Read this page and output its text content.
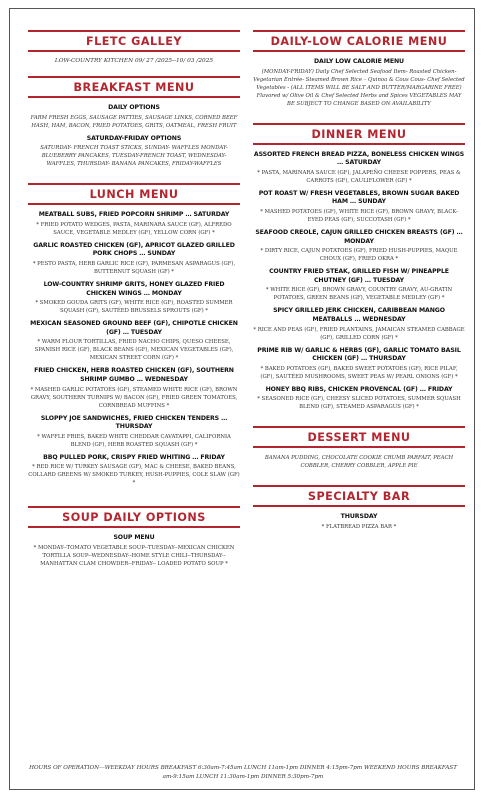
FLETC GALLEY

LOW-COUNTRY KITCHEN 09/ 27 /2025--10/ 03 /2025

BREAKFAST MENU
DAILY OPTIONS
FARM FRESH EGGS, SAUSAGE PATTIES, SAUSAGE LINKS, CORNED BEEF HASH, HAM, BACON, FRIED POTATOES, GRITS, OATMEAL, FRESH FRUIT
SATURDAY-FRIDAY OPTIONS
SATURDAY- FRENCH TOAST STICKS, SUNDAY- WAFFLES MONDAY- BLUEBERRY PANCAKES, TUESDAY-FRENCH TOAST, WEDNESDAY- WAFFLES, THURSDAY- BANANA PANCAKES, FRIDAY-WAFFLES
LUNCH MENU
MEATBALL SUBS, FRIED POPCORN SHRIMP … SATURDAY
* FRIED POTATO WEDGES, PASTA, MARINARA SAUCE (GF), ALFREDO SAUCE, VEGETABLE MEDLEY (GF), YELLOW CORN (GF) *
GARLIC ROASTED CHICKEN (GF), APRICOT GLAZED GRILLED PORK CHOPS … SUNDAY
* PESTO PASTA, HERB GARLIC RICE (GF), PARMESAN ASPARAGUS (GF), BUTTERNUT SQUASH (GF) *
LOW-COUNTRY SHRIMP GRITS, HONEY GLAZED FRIED CHICKEN WINGS … MONDAY
* SMOKED GOUDA GRITS (GF), WHITE RICE (GF), ROASTED SUMMER SQUASH (GF), SAUTÉED BRUSSELS SPROUTS (GF) *
MEXICAN SEASONED GROUND BEEF (GF), CHIPOTLE CHICKEN (GF) … TUESDAY
* WARM FLOUR TORTILLAS, FRIED NACHO CHIPS, QUESO CHEESE, SPANISH RICE (GF), BLACK BEANS (GF), MEXICAN VEGETABLES (GF), MEXICAN STREET CORN (GF) *
FRIED CHICKEN, HERB ROASTED CHICKEN (GF), SOUTHERN SHRIMP GUMBO … WEDNESDAY
* MASHED GARLIC POTATOES (GF), STEAMED WHITE RICE (GF), BROWN GRAVY, SOUTHERN TURNIPS W/ BACON (GF), FRIED GREEN TOMATOES, CORNBREAD MUFFINS *
SLOPPY JOE SANDWICHES, FRIED CHICKEN TENDERS … THURSDAY
* WAFFLE FRIES, BAKED WHITE CHEDDAR CAVATAPPI, CALIFORNIA BLEND (GF), HERB ROASTED SQUASH (GF) *
BBQ PULLED PORK, CRISPY FRIED WHITING … FRIDAY
* RED RICE W/ TURKEY SAUSAGE (GF), MAC & CHEESE, BAKED BEANS, COLLARD GREENS W/ SMOKED TURKEY, HUSH-PUPPIES, COLE SLAW (GF) *
SOUP DAILY OPTIONS
SOUP MENU
* MONDAY--TOMATO VEGETABLE SOUP--TUESDAY--MEXICAN CHICKEN TORTILLA SOUP--WEDNESDAY--HOME STYLE CHILI--THURSDAY--MANHATTAN CLAM CHOWDER--FRIDAY-- LOADED POTATO SOUP *
DAILY-LOW CALORIE MENU
DAILY LOW CALORIE MENU
(MONDAY-FRIDAY) Daily Chef Selected Seafood Item- Roasted Chicken- Vegetarian Entrée- Steamed Brown Rice – Quinoa & Cous Cous- Chef Selected Vegetables - (ALL ITEMS WILL BE SALT AND BUTTER/MARGARINE FREE) Flavored w/ Olive Oil & Chef Selected Herbs and Spices VEGETABLES MAY BE SUBJECT TO CHANGE BASED ON AVAILABILITY
DINNER MENU
ASSORTED FRENCH BREAD PIZZA, BONELESS CHICKEN WINGS … SATURDAY
* PASTA, MARINARA SAUCE (GF), JALAPEÑO CHEESE POPPERS, PEAS & CARROTS (GF), CAULIFLOWER (GF) *
POT ROAST W/ FRESH VEGETABLES, BROWN SUGAR BAKED HAM … SUNDAY
* MASHED POTATOES (GF), WHITE RICE (GF), BROWN GRAVY, BLACK-EYED PEAS (GF), SUCCOTASH (GF) *
SEAFOOD CREOLE, CAJUN GRILLED CHICKEN BREASTS (GF) … MONDAY
* DIRTY RICE, CAJUN POTATOES (GF), FRIED HUSH-PUPPIES, MAQUE CHOUX (GF), FRIED OKRA *
COUNTRY FRIED STEAK, GRILLED FISH W/ PINEAPPLE CHUTNEY (GF) … TUESDAY
* WHITE RICE (GF), BROWN GRAVY, COUNTRY GRAVY, AU-GRATIN POTATOES, GREEN BEANS (GF), VEGETABLE MEDLEY (GF) *
SPICY GRILLED JERK CHICKEN, CARIBBEAN MANGO MEATBALLS … WEDNESDAY
* RICE AND PEAS (GF), FRIED PLANTAINS, JAMAICAN STEAMED CABBAGE (GF), GRILLED CORN (GF) *
PRIME RIB W/ GARLIC & HERBS (GF), GARLIC TOMATO BASIL CHICKEN (GF) … THURSDAY
* BAKED POTATOES (GF), BAKED SWEET POTATOES (GF), RICE PILAF, (GF), SAUTÉED MUSHROOMS, SWEET PEAS W/ PEARL ONIONS (GF) *
HONEY BBQ RIBS, CHICKEN PROVENCAL (GF) … FRIDAY
* SEASONED RICE (GF), CHEESY SLICED POTATOES, SUMMER SQUASH BLEND (GF), STEAMED ASPARAGUS (GF) *
DESSERT MENU
BANANA PUDDING, CHOCOLATE COOKIE CRUMB PARFAIT, PEACH COBBLER, CHERRY COBBLER, APPLE PIE
SPECIALTY BAR
THURSDAY
* FLATBREAD PIZZA BAR *
HOURS OF OPERATION—WEEKDAY HOURS BREAKFAST 6:30am-7:45am LUNCH 11am-1pm DINNER 4:15pm-7pm WEEKEND HOURS BREAKFAST am-9:15am LUNCH 11:30am-1pm DINNER 5:30pm-7pm
